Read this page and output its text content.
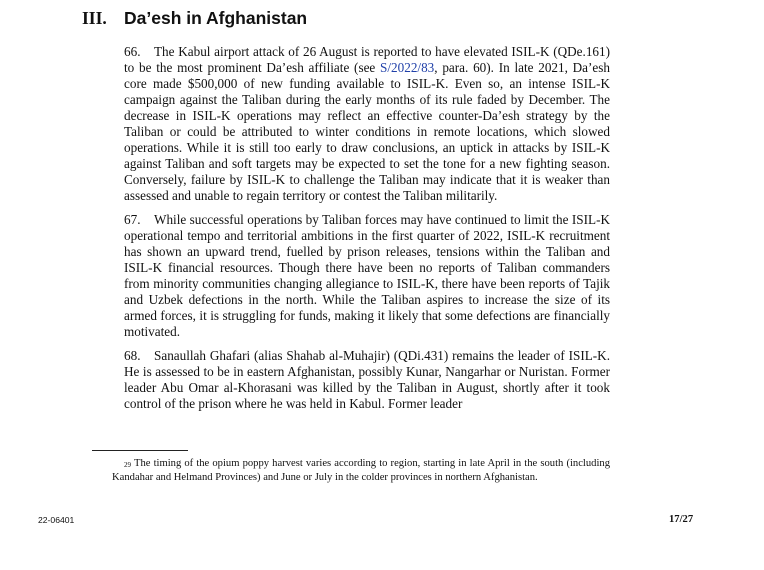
III. Da’esh in Afghanistan

66. The Kabul airport attack of 26 August is reported to have elevated ISIL-K (QDe.161) to be the most prominent Da’esh affiliate (see S/2022/83, para. 60). In late 2021, Da’esh core made $500,000 of new funding available to ISIL-K. Even so, an intense ISIL-K campaign against the Taliban during the early months of its rule faded by December. The decrease in ISIL-K operations may reflect an effective counter-Da’esh strategy by the Taliban or could be attributed to winter conditions in remote locations, which slowed operations. While it is still too early to draw conclusions, an uptick in attacks by ISIL-K against Taliban and soft targets may be expected to set the tone for a new fighting season. Conversely, failure by ISIL-K to challenge the Taliban may indicate that it is weaker than assessed and unable to regain territory or contest the Taliban militarily.

67. While successful operations by Taliban forces may have continued to limit the ISIL-K operational tempo and territorial ambitions in the first quarter of 2022, ISIL-K recruitment has shown an upward trend, fuelled by prison releases, tensions within the Taliban and ISIL-K financial resources. Though there have been no reports of Taliban commanders from minority communities changing allegiance to ISIL-K, there have been reports of Tajik and Uzbek defections in the north. While the Taliban aspires to increase the size of its armed forces, it is struggling for funds, making it likely that some defections are financially motivated.

68. Sanaullah Ghafari (alias Shahab al-Muhajir) (QDi.431) remains the leader of ISIL-K. He is assessed to be in eastern Afghanistan, possibly Kunar, Nangarhar or Nuristan. Former leader Abu Omar al-Khorasani was killed by the Taliban in August, shortly after it took control of the prison where he was held in Kabul. Former leader

$^{29}$ The timing of the opium poppy harvest varies according to region, starting in late April in the south (including Kandahar and Helmand Provinces) and June or July in the colder provinces in northern Afghanistan.
22-06401	17/27
